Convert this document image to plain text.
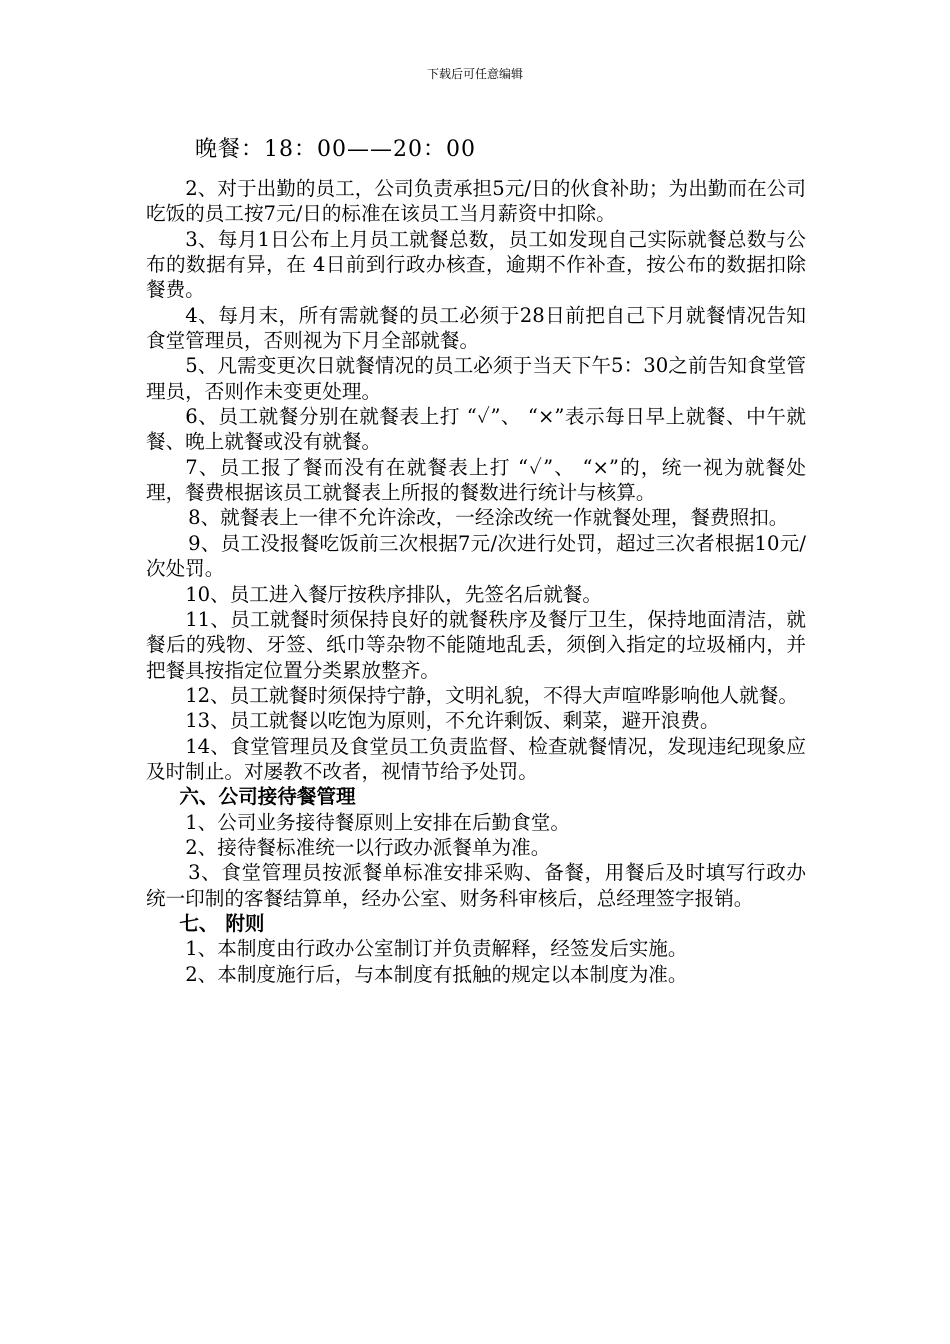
下载后可任意编辑
晚餐：18：00——20：00

2、对于出勤的员工，公司负责承担5元/日的伙食补助；为出勤而在公司吃饭的员工按7元/日的标准在该员工当月薪资中扣除。

3、每月1日公布上月员工就餐总数，员工如发现自己实际就餐总数与公布的数据有异，在 4日前到行政办核查，逾期不作补查，按公布的数据扣除餐费。

4、每月末，所有需就餐的员工必须于28日前把自己下月就餐情况告知食堂管理员，否则视为下月全部就餐。

5、凡需变更次日就餐情况的员工必须于当天下午5：30之前告知食堂管理员，否则作未变更处理。

6、员工就餐分别在就餐表上打 “✓”、 “×”表示每日早上就餐、中午就餐、晚上就餐或没有就餐。

7、员工报了餐而没有在就餐表上打 “✓”、 “×”的，统一视为就餐处理，餐费根据该员工就餐表上所报的餐数进行统计与核算。

8、就餐表上一律不允许涂改，一经涂改统一作就餐处理，餐费照扣。

9、员工没报餐吃饭前三次根据7元/次进行处罚，超过三次者根据10元/次处罚。

10、员工进入餐厅按秩序排队，先签名后就餐。

11、员工就餐时须保持良好的就餐秩序及餐厅卫生，保持地面清洁，就餐后的残物、牙签、纸巾等杂物不能随地乱丢，须倒入指定的垃圾桶内，并把餐具按指定位置分类累放整齐。

12、员工就餐时须保持宁静，文明礼貌，不得大声喧哗影响他人就餐。

13、员工就餐以吃饱为原则，不允许剩饭、剩菜，避开浪费。

14、食堂管理员及食堂员工负责监督、检查就餐情况，发现违纪现象应及时制止。对屡教不改者，视情节给予处罚。

六、公司接待餐管理

1、公司业务接待餐原则上安排在后勤食堂。

2、接待餐标准统一以行政办派餐单为准。

3、食堂管理员按派餐单标准安排采购、备餐，用餐后及时填写行政办统一印制的客餐结算单，经办公室、财务科审核后，总经理签字报销。

七、 附则

1、本制度由行政办公室制订并负责解释，经签发后实施。

2、本制度施行后，与本制度有抵触的规定以本制度为准。
